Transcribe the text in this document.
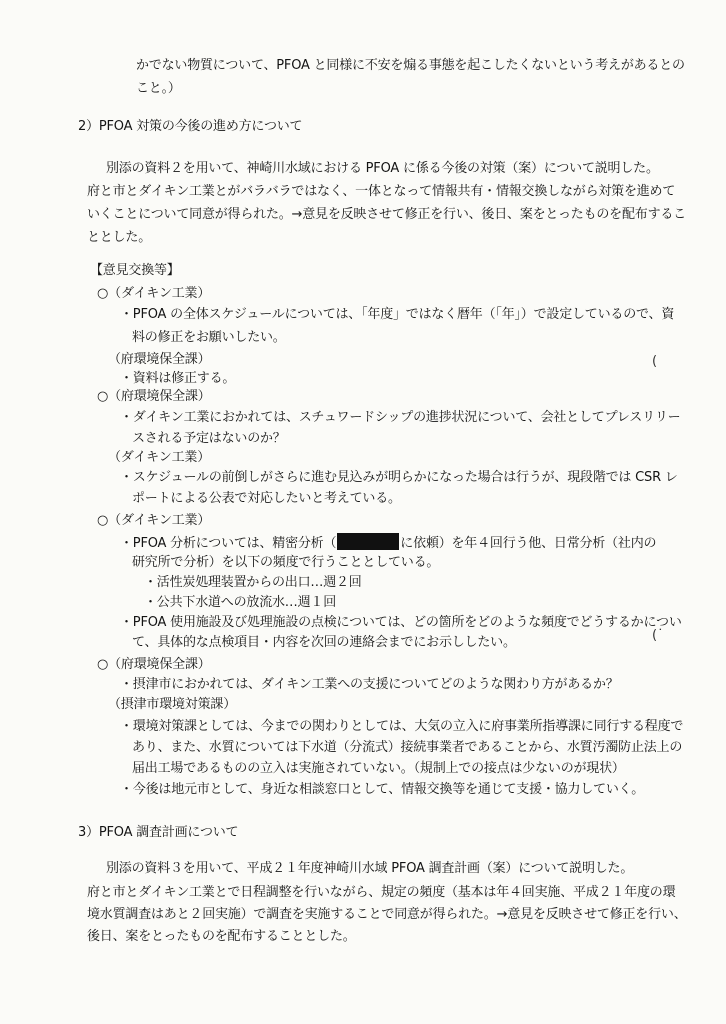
かでない物質について、PFOA と同様に不安を煽る事態を起こしたくないという考えがあるとの
こと。）
2）PFOA 対策の今後の進め方について
別添の資料２を用いて、神崎川水域における PFOA に係る今後の対策（案）について説明した。
府と市とダイキン工業とがバラバラではなく、一体となって情報共有・情報交換しながら対策を進めて
いくことについて同意が得られた。→意見を反映させて修正を行い、後日、案をとったものを配布するこ
ととした。
【意見交換等】
○（ダイキン工業）
・PFOA の全体スケジュールについては、「年度」ではなく暦年（「年」）で設定しているので、資
料の修正をお願いしたい。
（府環境保全課）
・資料は修正する。
○（府環境保全課）
・ダイキン工業におかれては、スチュワードシップの進捗状況について、会社としてプレスリリー
スされる予定はないのか？
（ダイキン工業）
・スケジュールの前倒しがさらに進む見込みが明らかになった場合は行うが、現段階では CSR レ
ポートによる公表で対応したいと考えている。
○（ダイキン工業）
・PFOA 分析については、精密分析（	に依頼）を年４回行う他、日常分析（社内の
研究所で分析）を以下の頻度で行うこととしている。
・活性炭処理装置からの出口…週２回
・公共下水道への放流水…週１回
・PFOA 使用施設及び処理施設の点検については、どの箇所をどのような頻度でどうするかについ
て、具体的な点検項目・内容を次回の連絡会までにお示ししたい。
○（府環境保全課）
・摂津市におかれては、ダイキン工業への支援についてどのような関わり方があるか？
（摂津市環境対策課）
・環境対策課としては、今までの関わりとしては、大気の立入に府事業所指導課に同行する程度で
あり、また、水質については下水道（分流式）接続事業者であることから、水質汚濁防止法上の
届出工場であるものの立入は実施されていない。（規制上での接点は少ないのが現状）
・今後は地元市として、身近な相談窓口として、情報交換等を通じて支援・協力していく。
3）PFOA 調査計画について
別添の資料３を用いて、平成２１年度神崎川水域 PFOA 調査計画（案）について説明した。
府と市とダイキン工業とで日程調整を行いながら、規定の頻度（基本は年４回実施、平成２１年度の環
境水質調査はあと２回実施）で調査を実施することで同意が得られた。→意見を反映させて修正を行い、
後日、案をとったものを配布することとした。
(
(˙
